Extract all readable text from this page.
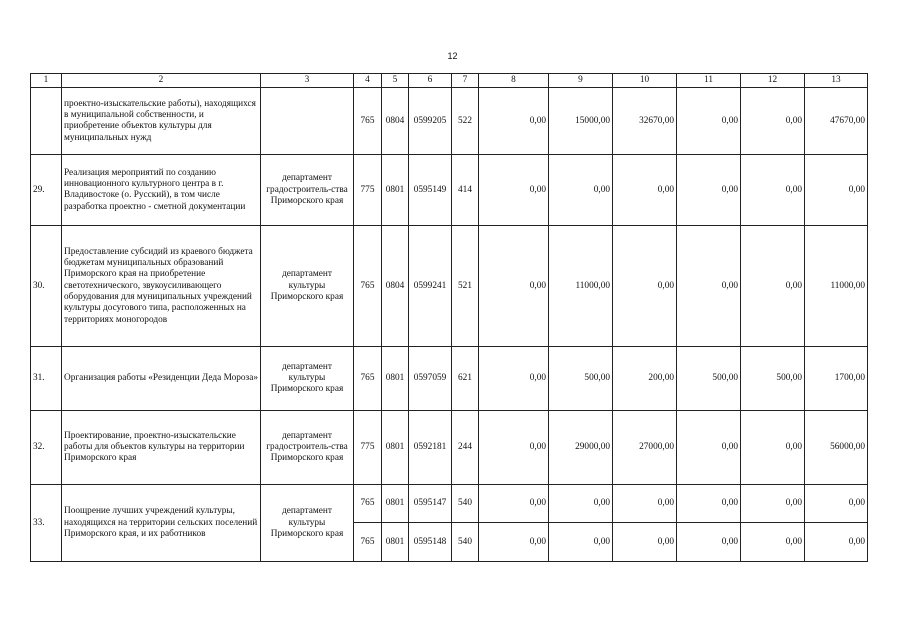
12
1	2	3	4	5	6	7	8	9	10	11	12	13
	проектно-изыскательские работы), находящихся в муниципальной собственности, и приобретение объектов культуры для муниципальных нужд		765	0804	0599205	522	0,00	15000,00	32670,00	0,00	0,00	47670,00
29.	Реализация мероприятий по созданию инновационного культурного центра в г. Владивостоке (о. Русский), в том числе разработка проектно - сметной документации	департамент градостроитель-ства Приморского края	775	0801	0595149	414	0,00	0,00	0,00	0,00	0,00	0,00
30.	Предоставление субсидий из краевого бюджета бюджетам муниципальных образований Приморского края на приобретение светотехнического, звукоусиливающего оборудования для муниципальных учреждений культуры досугового типа, расположенных на территориях моногородов	департамент культуры Приморского края	765	0804	0599241	521	0,00	11000,00	0,00	0,00	0,00	11000,00
31.	Организация работы «Резиденции Деда Мороза»	департамент культуры Приморского края	765	0801	0597059	621	0,00	500,00	200,00	500,00	500,00	1700,00
32.	Проектирование, проектно-изыскательские работы для объектов культуры на территории Приморского края	департамент градостроитель-ства Приморского края	775	0801	0592181	244	0,00	29000,00	27000,00	0,00	0,00	56000,00
33.	Поощрение лучших учреждений культуры, находящихся на территории сельских поселений Приморского края, и их работников	департамент культуры Приморского края	765	0801	0595147	540	0,00	0,00	0,00	0,00	0,00	0,00
			765	0801	0595148	540	0,00	0,00	0,00	0,00	0,00	0,00
